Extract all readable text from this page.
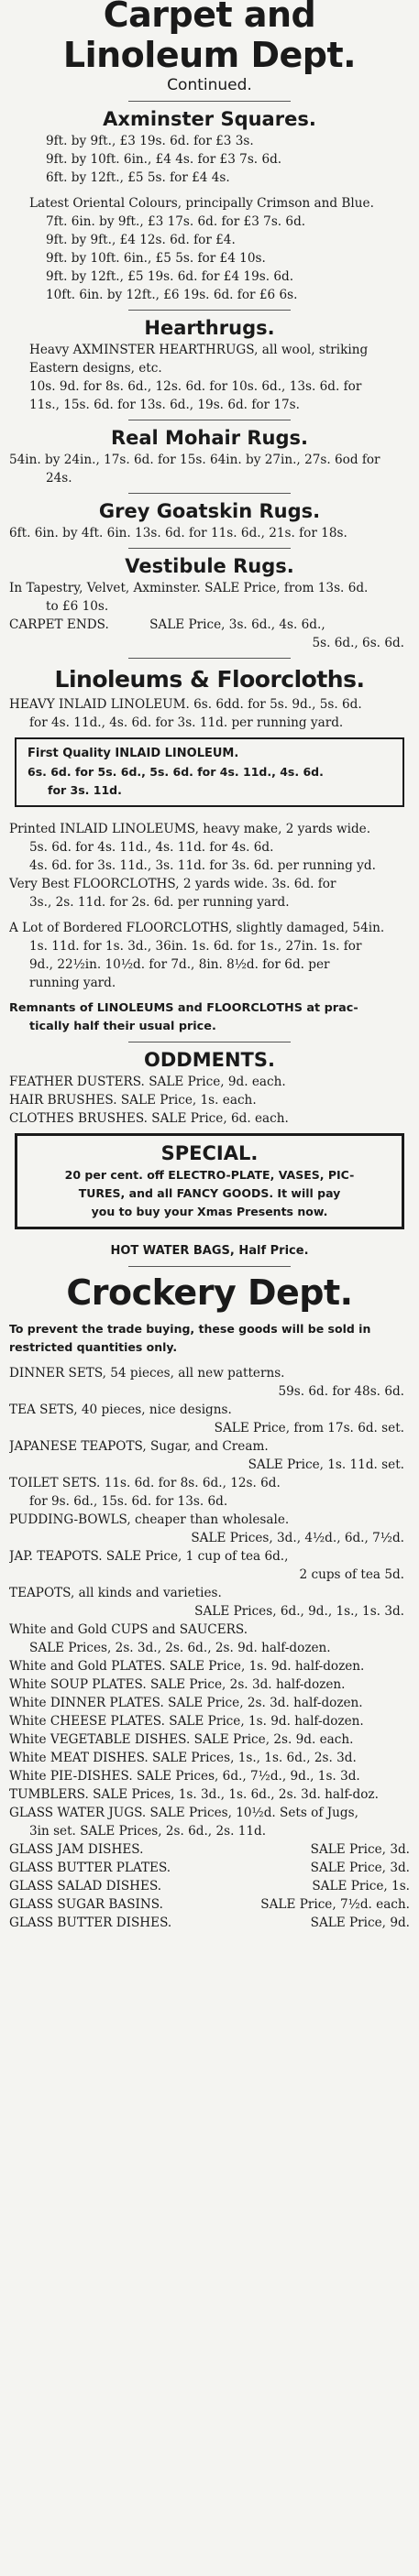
Carpet and
Linoleum Dept.
Continued.
Axminster Squares.
9ft. by 9ft., £3 19s. 6d. for £3 3s.
9ft. by 10ft. 6in., £4 4s. for £3 7s. 6d.
6ft. by 12ft., £5 5s. for £4 4s.
Latest Oriental Colours, principally Crimson and Blue.
7ft. 6in. by 9ft., £3 17s. 6d. for £3 7s. 6d.
9ft. by 9ft., £4 12s. 6d. for £4.
9ft. by 10ft. 6in., £5 5s. for £4 10s.
9ft. by 12ft., £5 19s. 6d. for £4 19s. 6d.
10ft. 6in. by 12ft., £6 19s. 6d. for £6 6s.
Hearthrugs.
Heavy AXMINSTER HEARTHRUGS, all wool, striking
Eastern designs, etc.
10s. 9d. for 8s. 6d., 12s. 6d. for 10s. 6d., 13s. 6d. for
11s., 15s. 6d. for 13s. 6d., 19s. 6d. for 17s.
Real Mohair Rugs.
54in. by 24in., 17s. 6d. for 15s. 64in. by 27in., 27s. 6od for
24s.
Grey Goatskin Rugs.
6ft. 6in. by 4ft. 6in. 13s. 6d. for 11s. 6d., 21s. for 18s.
Vestibule Rugs.
In Tapestry, Velvet, Axminster. SALE Price, from 13s. 6d.
to £6 10s.
CARPET ENDS.	SALE Price, 3s. 6d., 4s. 6d.,
5s. 6d., 6s. 6d.
Linoleums & Floorcloths.
HEAVY INLAID LINOLEUM. 6s. 6dd. for 5s. 9d., 5s. 6d.
for 4s. 11d., 4s. 6d. for 3s. 11d. per running yard.
First Quality INLAID LINOLEUM.
6s. 6d. for 5s. 6d., 5s. 6d. for 4s. 11d., 4s. 6d.
for 3s. 11d.
Printed INLAID LINOLEUMS, heavy make, 2 yards wide.
5s. 6d. for 4s. 11d., 4s. 11d. for 4s. 6d.
4s. 6d. for 3s. 11d., 3s. 11d. for 3s. 6d. per running yd.
Very Best FLOORCLOTHS, 2 yards wide. 3s. 6d. for
3s., 2s. 11d. for 2s. 6d. per running yard.
A Lot of Bordered FLOORCLOTHS, slightly damaged, 54in.
1s. 11d. for 1s. 3d., 36in. 1s. 6d. for 1s., 27in. 1s. for
9d., 22½in. 10½d. for 7d., 8in. 8½d. for 6d. per
running yard.
Remnants of LINOLEUMS and FLOORCLOTHS at prac-
tically half their usual price.
ODDMENTS.
FEATHER DUSTERS. SALE Price, 9d. each.
HAIR BRUSHES. SALE Price, 1s. each.
CLOTHES BRUSHES. SALE Price, 6d. each.
SPECIAL.
20 per cent. off ELECTRO-PLATE, VASES, PIC-
TURES, and all FANCY GOODS. It will pay
you to buy your Xmas Presents now.
HOT WATER BAGS, Half Price.
Crockery Dept.
To prevent the trade buying, these goods will be sold in
restricted quantities only.
DINNER SETS, 54 pieces, all new patterns.
59s. 6d. for 48s. 6d.
TEA SETS, 40 pieces, nice designs.
SALE Price, from 17s. 6d. set.
JAPANESE TEAPOTS, Sugar, and Cream.
SALE Price, 1s. 11d. set.
TOILET SETS. 11s. 6d. for 8s. 6d., 12s. 6d.
for 9s. 6d., 15s. 6d. for 13s. 6d.
PUDDING-BOWLS, cheaper than wholesale.
SALE Prices, 3d., 4½d., 6d., 7½d.
JAP. TEAPOTS. SALE Price, 1 cup of tea 6d.,
2 cups of tea 5d.
TEAPOTS, all kinds and varieties.
SALE Prices, 6d., 9d., 1s., 1s. 3d.
White and Gold CUPS and SAUCERS.
SALE Prices, 2s. 3d., 2s. 6d., 2s. 9d. half-dozen.
White and Gold PLATES. SALE Price, 1s. 9d. half-dozen.
White SOUP PLATES. SALE Price, 2s. 3d. half-dozen.
White DINNER PLATES. SALE Price, 2s. 3d. half-dozen.
White CHEESE PLATES. SALE Price, 1s. 9d. half-dozen.
White VEGETABLE DISHES. SALE Price, 2s. 9d. each.
White MEAT DISHES. SALE Prices, 1s., 1s. 6d., 2s. 3d.
White PIE-DISHES. SALE Prices, 6d., 7½d., 9d., 1s. 3d.
TUMBLERS. SALE Prices, 1s. 3d., 1s. 6d., 2s. 3d. half-doz.
GLASS WATER JUGS. SALE Prices, 10½d. Sets of Jugs,
3in set. SALE Prices, 2s. 6d., 2s. 11d.
GLASS JAM DISHES.	SALE Price, 3d.
GLASS BUTTER PLATES.	SALE Price, 3d.
GLASS SALAD DISHES.	SALE Price, 1s.
GLASS SUGAR BASINS.	SALE Price, 7½d. each.
GLASS BUTTER DISHES.	SALE Price, 9d.
